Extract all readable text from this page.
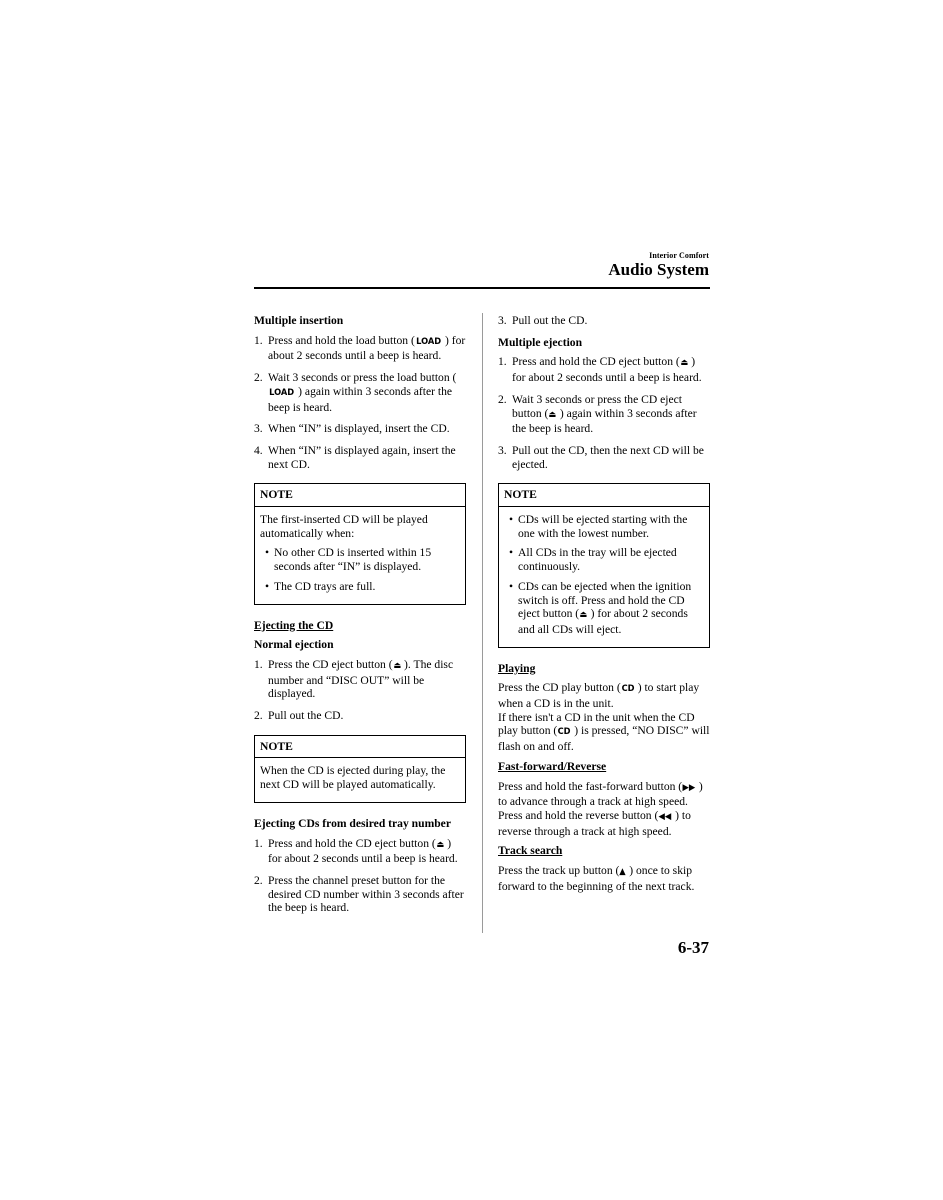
Interior Comfort
Audio System
Multiple insertion
1. Press and hold the load button (LOAD ) for about 2 seconds until a beep is heard.
2. Wait 3 seconds or press the load button (LOAD ) again within 3 seconds after the beep is heard.
3. When “IN” is displayed, insert the CD.
4. When “IN” is displayed again, insert the next CD.
NOTE

The first-inserted CD will be played automatically when:

• No other CD is inserted within 15 seconds after “IN” is displayed.
• The CD trays are full.
Ejecting the CD
Normal ejection
1. Press the CD eject button (⏏ ). The disc number and “DISC OUT” will be displayed.
2. Pull out the CD.
NOTE

When the CD is ejected during play, the next CD will be played automatically.

Ejecting CDs from desired tray number
1. Press and hold the CD eject button (⏏ ) for about 2 seconds until a beep is heard.
2. Press the channel preset button for the desired CD number within 3 seconds after the beep is heard.
3. Pull out the CD.
Multiple ejection
1. Press and hold the CD eject button (⏏ ) for about 2 seconds until a beep is heard.
2. Wait 3 seconds or press the CD eject button (⏏ ) again within 3 seconds after the beep is heard.
3. Pull out the CD, then the next CD will be ejected.
NOTE
• CDs will be ejected starting with the one with the lowest number.
• All CDs in the tray will be ejected continuously.
• CDs can be ejected when the ignition switch is off. Press and hold the CD eject button (⏏ ) for about 2 seconds and all CDs will eject.
Playing
Press the CD play button (CD ) to start play when a CD is in the unit.
If there isn't a CD in the unit when the CD play button (CD ) is pressed, “NO DISC” will flash on and off.
Fast-forward/Reverse
Press and hold the fast-forward button (▶▶ ) to advance through a track at high speed.
Press and hold the reverse button (◀◀ ) to reverse through a track at high speed.
Track search
Press the track up button (▲ ) once to skip forward to the beginning of the next track.
6-37
